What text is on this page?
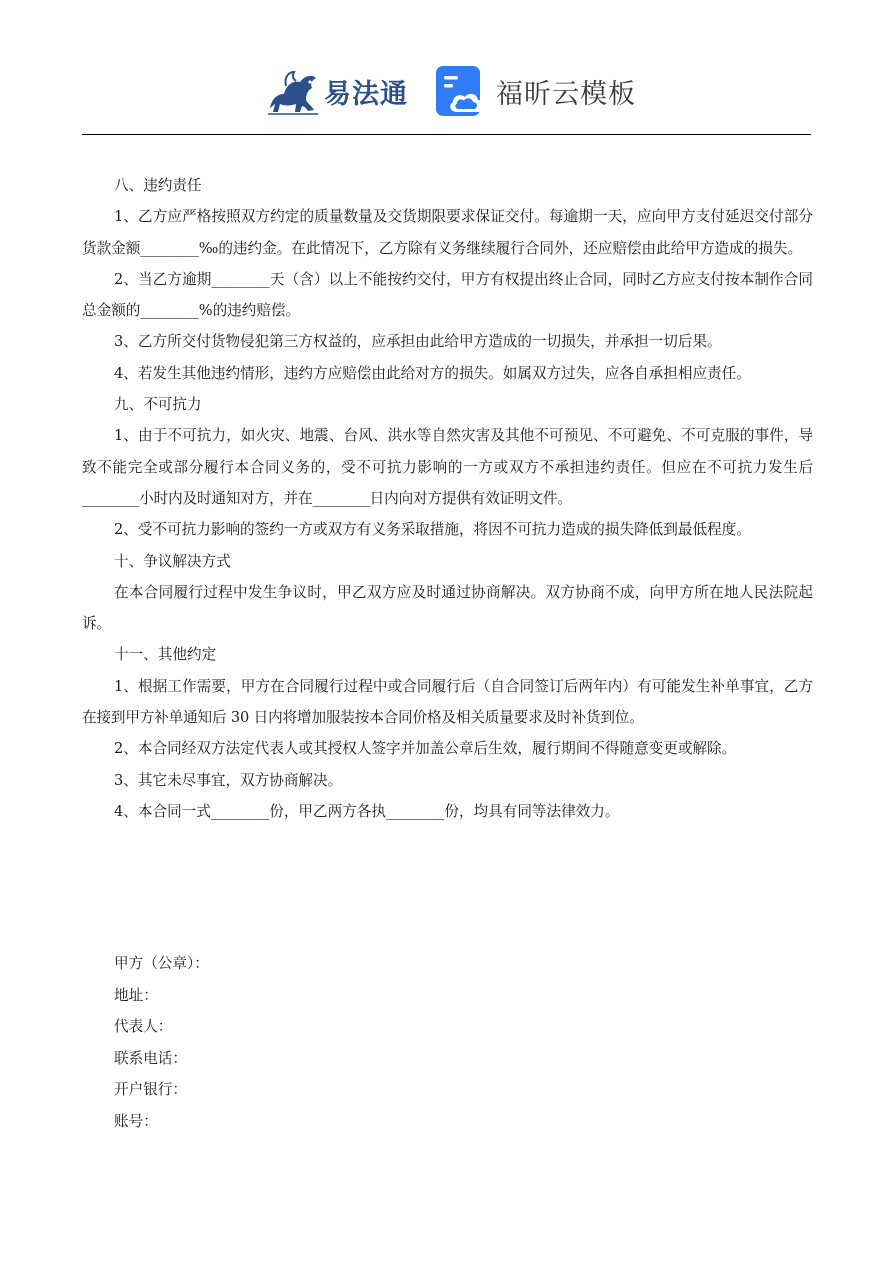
易法通	福昕云模板

八、违约责任

1、乙方应严格按照双方约定的质量数量及交货期限要求保证交付。每逾期一天，应向甲方支付延迟交付部分货款金额________‰的违约金。在此情况下，乙方除有义务继续履行合同外，还应赔偿由此给甲方造成的损失。

2、当乙方逾期________天（含）以上不能按约交付，甲方有权提出终止合同，同时乙方应支付按本制作合同总金额的________%的违约赔偿。

3、乙方所交付货物侵犯第三方权益的，应承担由此给甲方造成的一切损失，并承担一切后果。

4、若发生其他违约情形，违约方应赔偿由此给对方的损失。如属双方过失，应各自承担相应责任。

九、不可抗力

1、由于不可抗力，如火灾、地震、台风、洪水等自然灾害及其他不可预见、不可避免、不可克服的事件，导致不能完全或部分履行本合同义务的，受不可抗力影响的一方或双方不承担违约责任。但应在不可抗力发生后________小时内及时通知对方，并在________日内向对方提供有效证明文件。

2、受不可抗力影响的签约一方或双方有义务采取措施，将因不可抗力造成的损失降低到最低程度。

十、争议解决方式

在本合同履行过程中发生争议时，甲乙双方应及时通过协商解决。双方协商不成，向甲方所在地人民法院起诉。

十一、其他约定

1、根据工作需要，甲方在合同履行过程中或合同履行后（自合同签订后两年内）有可能发生补单事宜，乙方在接到甲方补单通知后 30 日内将增加服装按本合同价格及相关质量要求及时补货到位。

2、本合同经双方法定代表人或其授权人签字并加盖公章后生效，履行期间不得随意变更或解除。

3、其它未尽事宜，双方协商解决。

4、本合同一式________份，甲乙两方各执________份，均具有同等法律效力。

甲方（公章）：
地址：
代表人：
联系电话：
开户银行：
账号：
